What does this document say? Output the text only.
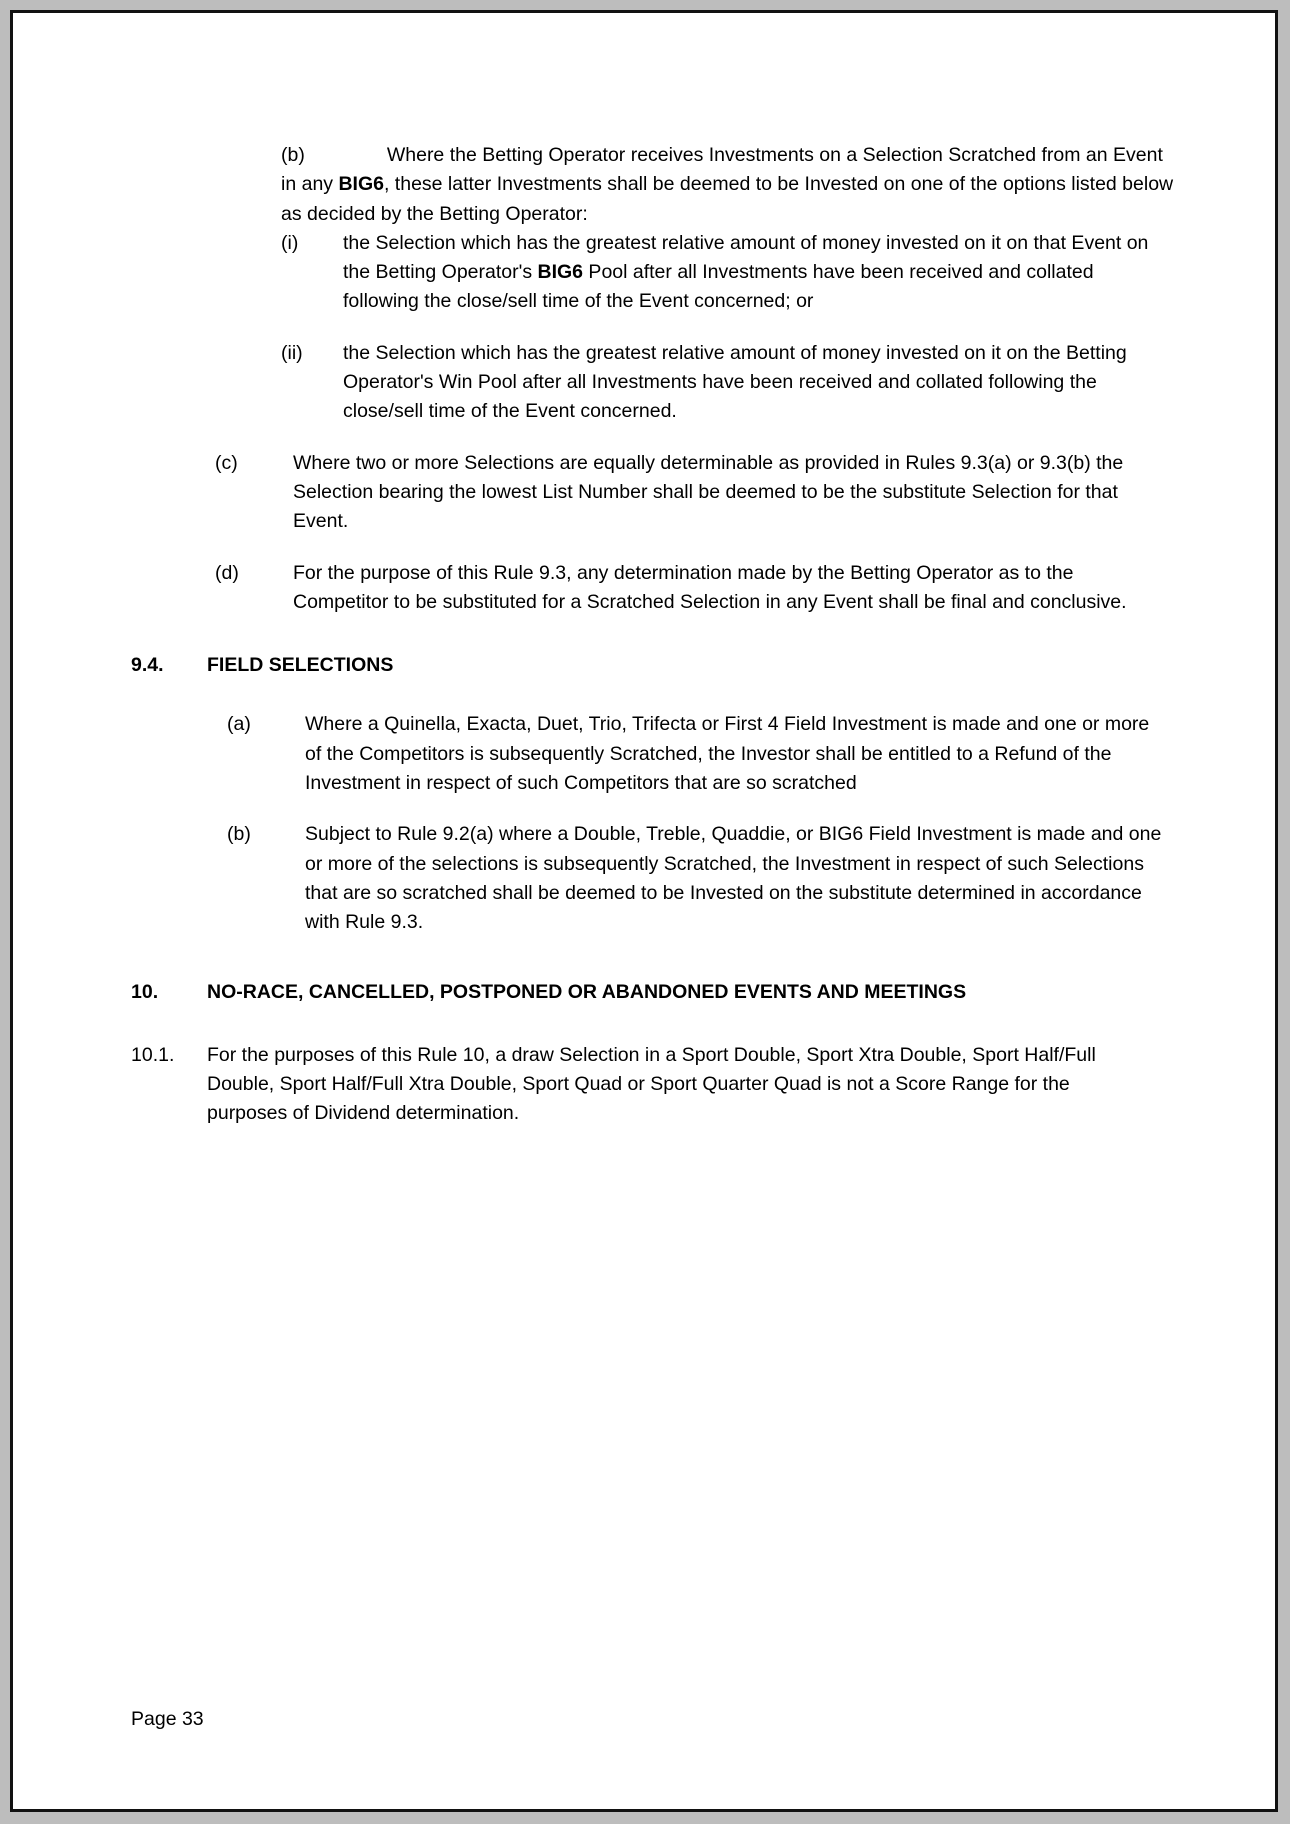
(b)	Where the Betting Operator receives Investments on a Selection Scratched from an Event in any BIG6, these latter Investments shall be deemed to be Invested on one of the options listed below as decided by the Betting Operator:
(i)	the Selection which has the greatest relative amount of money invested on it on that Event on the Betting Operator's BIG6 Pool after all Investments have been received and collated following the close/sell time of the Event concerned; or
(ii)	the Selection which has the greatest relative amount of money invested on it on the Betting Operator's Win Pool after all Investments have been received and collated following the close/sell time of the Event concerned.
(c)	Where two or more Selections are equally determinable as provided in Rules 9.3(a) or 9.3(b) the Selection bearing the lowest List Number shall be deemed to be the substitute Selection for that Event.
(d)	For the purpose of this Rule 9.3, any determination made by the Betting Operator as to the Competitor to be substituted for a Scratched Selection in any Event shall be final and conclusive.
9.4.	FIELD SELECTIONS
(a)	Where a Quinella, Exacta, Duet, Trio, Trifecta or First 4 Field Investment is made and one or more of the Competitors is subsequently Scratched, the Investor shall be entitled to a Refund of the Investment in respect of such Competitors that are so scratched
(b)	Subject to Rule 9.2(a) where a Double, Treble, Quaddie, or BIG6 Field Investment is made and one or more of the selections is subsequently Scratched, the Investment in respect of such Selections that are so scratched shall be deemed to be Invested on the substitute determined in accordance with Rule 9.3.
10.	NO-RACE, CANCELLED, POSTPONED OR ABANDONED EVENTS AND MEETINGS
10.1.	For the purposes of this Rule 10, a draw Selection in a Sport Double, Sport Xtra Double, Sport Half/Full Double, Sport Half/Full Xtra Double, Sport Quad or Sport Quarter Quad is not a Score Range for the purposes of Dividend determination.
Page 33
